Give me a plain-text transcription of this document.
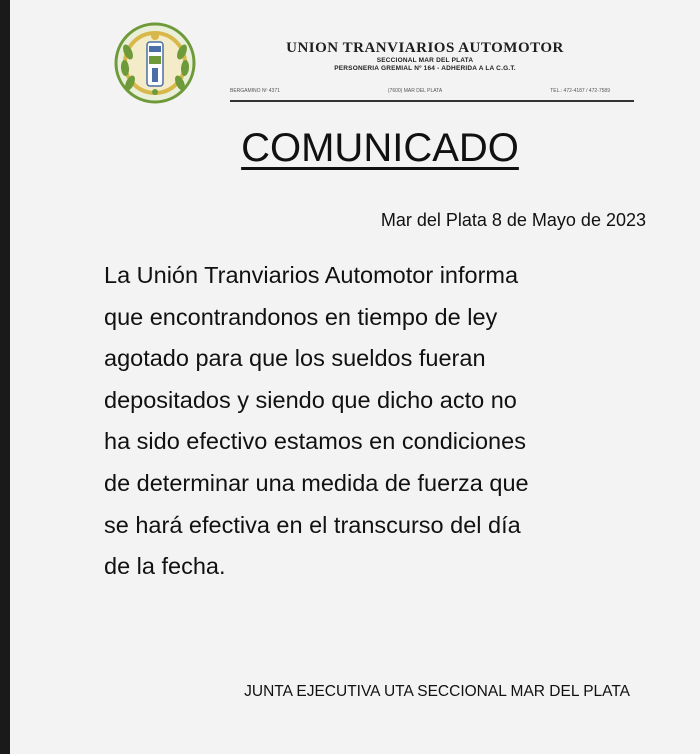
UNION TRANVIARIOS AUTOMOTOR
SECCIONAL MAR DEL PLATA
PERSONERIA GREMIAL Nº 164 - ADHERIDA A LA C.G.T.
BERGAMINO Nº 4371	(7600) MAR DEL PLATA	TEL.: 472-4187 / 472-7589
COMUNICADO
Mar del Plata 8 de Mayo de 2023
La Unión Tranviarios Automotor informa
que encontrandonos en tiempo de ley
agotado para que los sueldos fueran
depositados y siendo que dicho acto no
ha sido efectivo estamos en condiciones
de determinar una medida de fuerza que
se hará efectiva en el transcurso del día
de la fecha.
JUNTA EJECUTIVA UTA SECCIONAL MAR DEL PLATA
